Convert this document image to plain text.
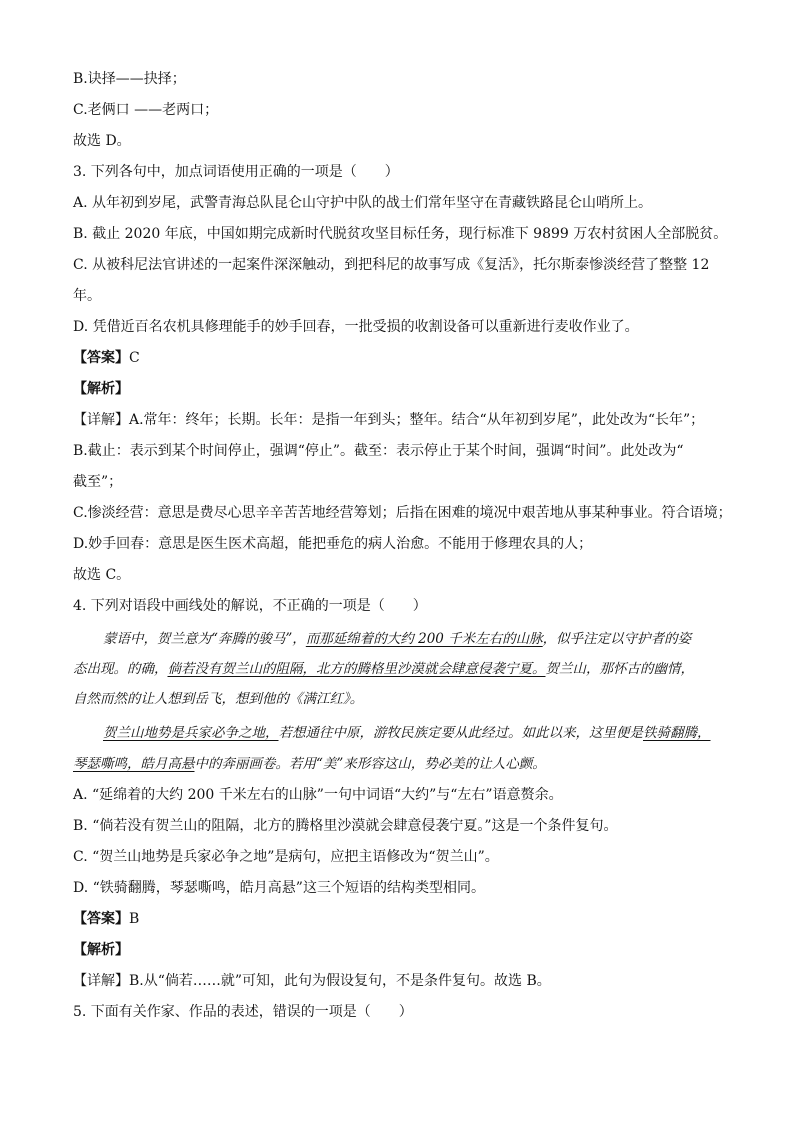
B.诀择——抉择；
C.老俩口 ——老两口；
故选 D。
3. 下列各句中，加点词语使用正确的一项是（　　）
A. 从年初到岁尾，武警青海总队昆仑山守护中队的战士们常年坚守在青藏铁路昆仑山哨所上。
B. 截止 2020 年底，中国如期完成新时代脱贫攻坚目标任务，现行标准下 9899 万农村贫困人全部脱贫。
C. 从被科尼法官讲述的一起案件深深触动，到把科尼的故事写成《复活》，托尔斯泰惨淡经营了整整 12
年。
D. 凭借近百名农机具修理能手的妙手回春，一批受损的收割设备可以重新进行麦收作业了。
【答案】C
【解析】
【详解】A.常年：终年；长期。长年：是指一年到头；整年。结合“从年初到岁尾”，此处改为“长年”；
B.截止：表示到某个时间停止，强调“停止”。截至：表示停止于某个时间，强调“时间”。此处改为“
截至”；
C.惨淡经营：意思是费尽心思辛辛苦苦地经营筹划；后指在困难的境况中艰苦地从事某种事业。符合语境；
D.妙手回春：意思是医生医术高超，能把垂危的病人治愈。不能用于修理农具的人；
故选 C。
4. 下列对语段中画线处的解说，不正确的一项是（　　）
蒙语中，贺兰意为“奔腾的骏马”，而那延绵着的大约 200 千米左右的山脉，似乎注定以守护者的姿
态出现。的确，倘若没有贺兰山的阻隔，北方的腾格里沙漠就会肆意侵袭宁夏。贺兰山，那怀古的幽情，
自然而然的让人想到岳飞，想到他的《满江红》。
贺兰山地势是兵家必争之地，若想通往中原，游牧民族定要从此经过。如此以来，这里便是铁骑翻腾，
琴瑟嘶鸣，皓月高悬中的奔丽画卷。若用“美”来形容这山，势必美的让人心颤。
A. “延绵着的大约 200 千米左右的山脉”一句中词语“大约”与“左右”语意赘余。
B. “倘若没有贺兰山的阻隔，北方的腾格里沙漠就会肆意侵袭宁夏。”这是一个条件复句。
C. “贺兰山地势是兵家必争之地”是病句，应把主语修改为“贺兰山”。
D. “铁骑翻腾，琴瑟嘶鸣，皓月高悬”这三个短语的结构类型相同。
【答案】B
【解析】
【详解】B.从“倘若……就”可知，此句为假设复句，不是条件复句。故选 B。
5. 下面有关作家、作品的表述，错误的一项是（　　）
